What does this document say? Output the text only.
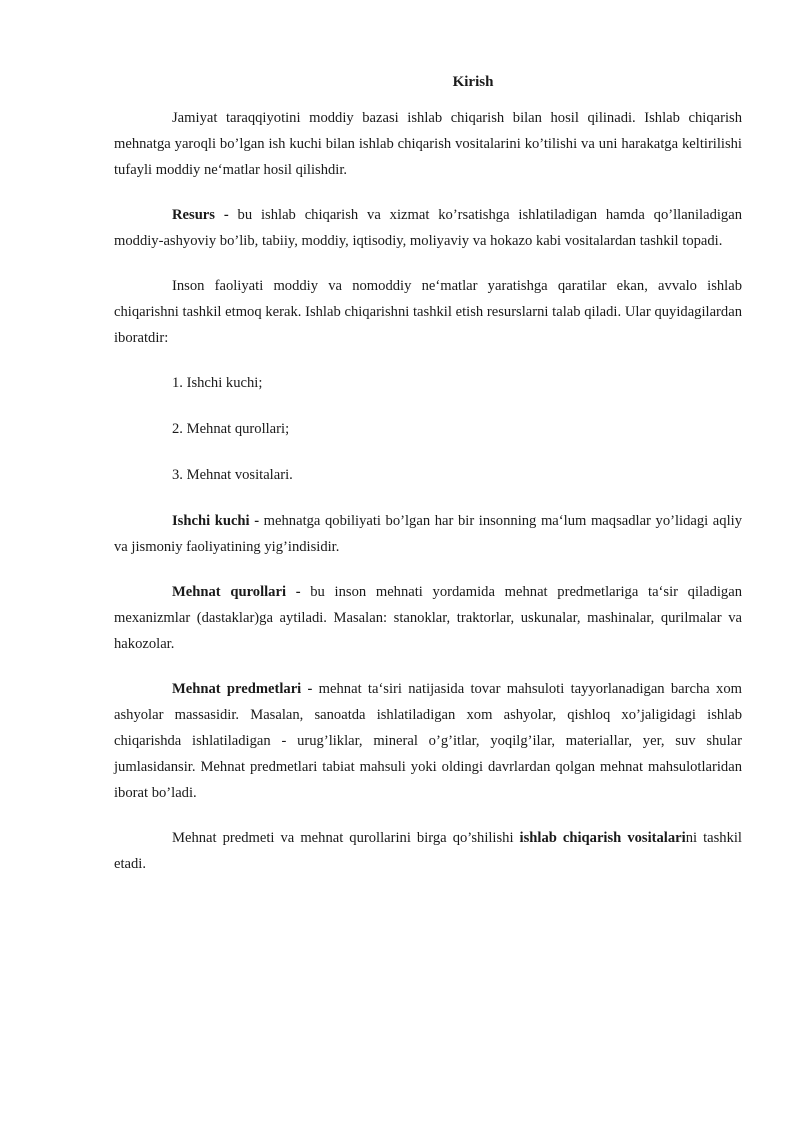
Kirish

Jamiyat taraqqiyotini moddiy bazasi ishlab chiqarish bilan hosil qilinadi. Ishlab chiqarish mehnatga yaroqli bo’lgan ish kuchi bilan ishlab chiqarish vositalarini ko’tilishi va uni harakatga keltirilishi tufayli moddiy ne‘matlar hosil qilishdir.

Resurs - bu ishlab chiqarish va xizmat ko’rsatishga ishlatiladigan hamda qo’llaniladigan moddiy-ashyoviy bo’lib, tabiiy, moddiy, iqtisodiy, moliyaviy va hokazo kabi vositalardan tashkil topadi.

Inson faoliyati moddiy va nomoddiy ne‘matlar yaratishga qaratilar ekan, avvalo ishlab chiqarishni tashkil etmoq kerak. Ishlab chiqarishni tashkil etish resurslarni talab qiladi. Ular quyidagilardan iboratdir:

1. Ishchi kuchi;

2. Mehnat qurollari;

3. Mehnat vositalari.

Ishchi kuchi - mehnatga qobiliyati bo’lgan har bir insonning ma‘lum maqsadlar yo’lidagi aqliy va jismoniy faoliyatining yig’indisidir.

Mehnat qurollari - bu inson mehnati yordamida mehnat predmetlariga ta‘sir qiladigan mexanizmlar (dastaklar)ga aytiladi. Masalan: stanoklar, traktorlar, uskunalar, mashinalar, qurilmalar va hakozolar.

Mehnat predmetlari - mehnat ta‘siri natijasida tovar mahsuloti tayyorlanadigan barcha xom ashyolar massasidir. Masalan, sanoatda ishlatiladigan xom ashyolar, qishloq xo’jaligidagi ishlab chiqarishda ishlatiladigan - urug’liklar, mineral o’g’itlar, yoqilg’ilar, materiallar, yer, suv shular jumlasidansir. Mehnat predmetlari tabiat mahsuli yoki oldingi davrlardan qolgan mehnat mahsulotlaridan iborat bo’ladi.

Mehnat predmeti va mehnat qurollarini birga qo’shilishi ishlab chiqarish vositalarini tashkil etadi.
